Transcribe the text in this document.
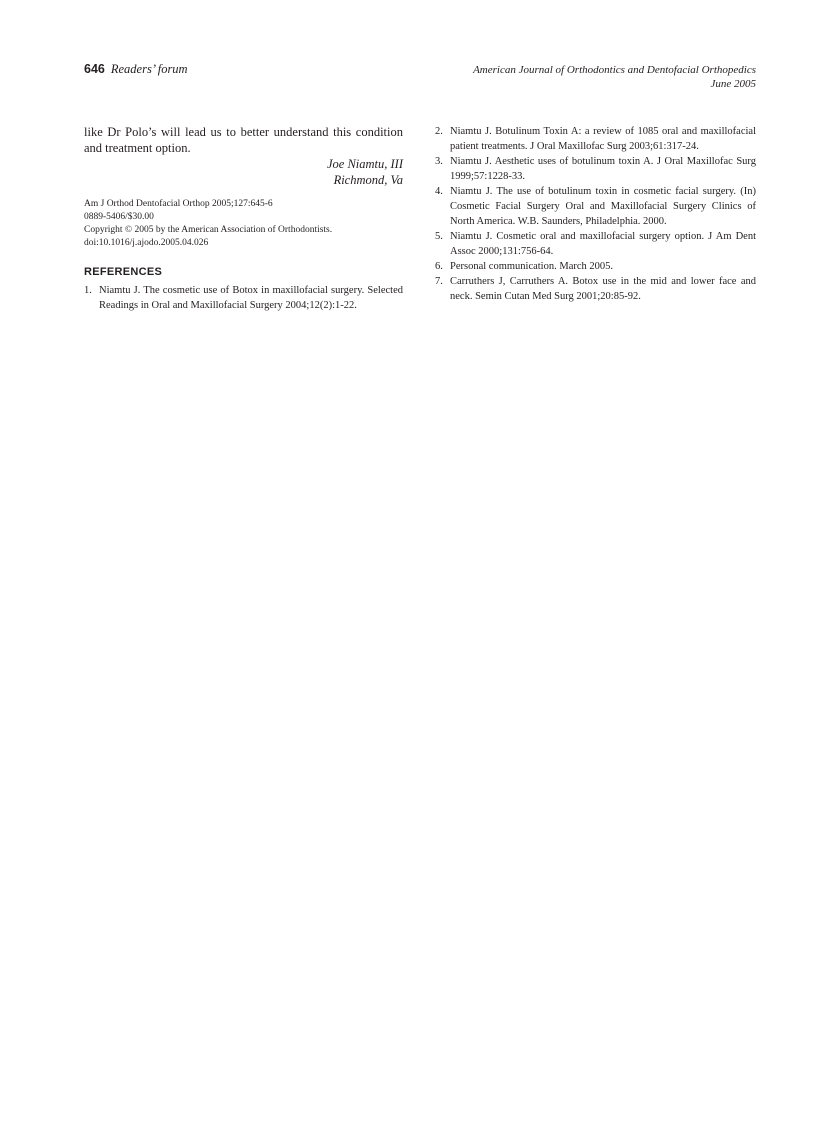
646 Readers’ forum	American Journal of Orthodontics and Dentofacial Orthopedics
June 2005

like Dr Polo’s will lead us to better understand this condition and treatment option.

Joe Niamtu, III
Richmond, Va
Am J Orthod Dentofacial Orthop 2005;127:645-6
0889-5406/$30.00
Copyright © 2005 by the American Association of Orthodontists.
doi:10.1016/j.ajodo.2005.04.026
REFERENCES
1. Niamtu J. The cosmetic use of Botox in maxillofacial surgery. Selected Readings in Oral and Maxillofacial Surgery 2004;12(2):1-22.
2. Niamtu J. Botulinum Toxin A: a review of 1085 oral and maxillofacial patient treatments. J Oral Maxillofac Surg 2003;61:317-24.
3. Niamtu J. Aesthetic uses of botulinum toxin A. J Oral Maxillofac Surg 1999;57:1228-33.
4. Niamtu J. The use of botulinum toxin in cosmetic facial surgery. (In) Cosmetic Facial Surgery Oral and Maxillofacial Surgery Clinics of North America. W.B. Saunders, Philadelphia. 2000.
5. Niamtu J. Cosmetic oral and maxillofacial surgery option. J Am Dent Assoc 2000;131:756-64.
6. Personal communication. March 2005.
7. Carruthers J, Carruthers A. Botox use in the mid and lower face and neck. Semin Cutan Med Surg 2001;20:85-92.
